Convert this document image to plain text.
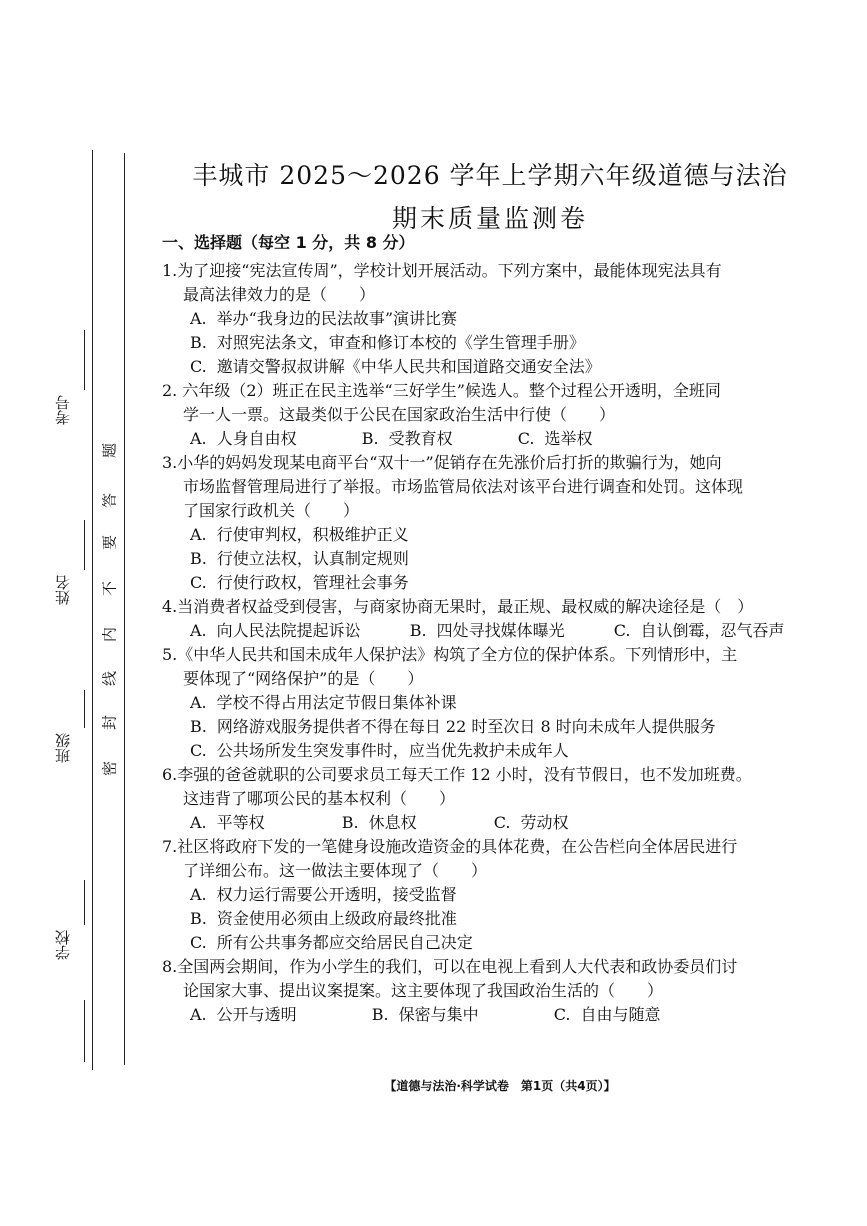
考号
姓名
班级
学校
题
答
要
不
内
线
封
密
丰城市 2025～2026 学年上学期六年级道德与法治
期末质量监测卷
一、选择题（每空 1 分，共 8 分）
1.为了迎接“宪法宣传周”，学校计划开展活动。下列方案中，最能体现宪法具有
最高法律效力的是（　　）
A. 举办“我身边的民法故事”演讲比赛
B. 对照宪法条文，审查和修订本校的《学生管理手册》
C. 邀请交警叔叔讲解《中华人民共和国道路交通安全法》
2. 六年级（2）班正在民主选举“三好学生”候选人。整个过程公开透明，全班同
学一人一票。这最类似于公民在国家政治生活中行使（　　）
A. 人身自由权	B. 受教育权	C. 选举权
3.小华的妈妈发现某电商平台“双十一”促销存在先涨价后打折的欺骗行为，她向
市场监督管理局进行了举报。市场监管局依法对该平台进行调查和处罚。这体现
了国家行政机关（　　）
A. 行使审判权，积极维护正义
B. 行使立法权，认真制定规则
C. 行使行政权，管理社会事务
4.当消费者权益受到侵害，与商家协商无果时，最正规、最权威的解决途径是（　）
A. 向人民法院提起诉讼	B. 四处寻找媒体曝光	C. 自认倒霉，忍气吞声
5.《中华人民共和国未成年人保护法》构筑了全方位的保护体系。下列情形中，主
要体现了“网络保护”的是（　　）
A. 学校不得占用法定节假日集体补课
B. 网络游戏服务提供者不得在每日 22 时至次日 8 时向未成年人提供服务
C. 公共场所发生突发事件时，应当优先救护未成年人
6.李强的爸爸就职的公司要求员工每天工作 12 小时，没有节假日，也不发加班费。
这违背了哪项公民的基本权利（　　）
A. 平等权	B. 休息权	C. 劳动权
7.社区将政府下发的一笔健身设施改造资金的具体花费，在公告栏向全体居民进行
了详细公布。这一做法主要体现了（　　）
A. 权力运行需要公开透明，接受监督
B. 资金使用必须由上级政府最终批准
C. 所有公共事务都应交给居民自己决定
8.全国两会期间，作为小学生的我们，可以在电视上看到人大代表和政协委员们讨
论国家大事、提出议案提案。这主要体现了我国政治生活的（　　）
A. 公开与透明	B. 保密与集中	C. 自由与随意
【道德与法治·科学试卷　第1页（共4页）】
